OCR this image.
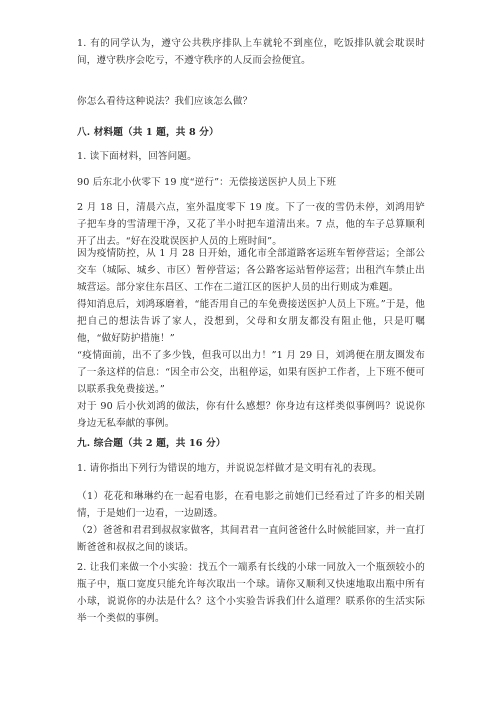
1. 有的同学认为，遵守公共秩序排队上车就轮不到座位，吃饭排队就会耽误时间，遵守秩序会吃亏，不遵守秩序的人反而会捡便宜。

你怎么看待这种说法？我们应该怎么做？

八. 材料题（共 1 题，共 8 分）

1. 读下面材料，回答问题。

90 后东北小伙零下 19 度“逆行”：无偿接送医护人员上下班

2 月 18 日，清晨六点，室外温度零下 19 度。下了一夜的雪仍未停，刘鸿用铲子把车身的雪清理干净，又花了半小时把车道清出来。7 点，他的车子总算顺利开了出去。“好在没耽误医护人员的上班时间”。

因为疫情防控，从 1 月 28 日开始，通化市全部道路客运班车暂停营运；全部公交车（城际、城乡、市区）暂停营运；各公路客运站暂停运营；出租汽车禁止出城营运。部分家住东昌区、工作在二道江区的医护人员的出行则成为难题。

得知消息后，刘鸿琢磨着，“能否用自己的车免费接送医护人员上下班。”于是，他把自己的想法告诉了家人，没想到，父母和女朋友都没有阻止他，只是叮嘱他，“做好防护措施！”

“疫情面前，出不了多少钱，但我可以出力！”1 月 29 日，刘鸿便在朋友圈发布了一条这样的信息：“因全市公交，出租停运，如果有医护工作者，上下班不便可以联系我免费接送。”

对于 90 后小伙刘鸿的做法，你有什么感想？你身边有这样类似事例吗？说说你身边无私奉献的事例。

九. 综合题（共 2 题，共 16 分）

1. 请你指出下列行为错误的地方，并说说怎样做才是文明有礼的表现。

（1）花花和琳琳约在一起看电影，在看电影之前她们已经看过了许多的相关剧情，于是她们一边看，一边剧透。

（2）爸爸和君君到叔叔家做客，其间君君一直问爸爸什么时候能回家，并一直打断爸爸和叔叔之间的谈话。

2. 让我们来做一个小实验：找五个一端系有长线的小球一同放入一个瓶颈较小的瓶子中，瓶口宽度只能允许每次取出一个球。请你又顺利又快速地取出瓶中所有小球，说说你的办法是什么？这个小实验告诉我们什么道理？联系你的生活实际举一个类似的事例。
